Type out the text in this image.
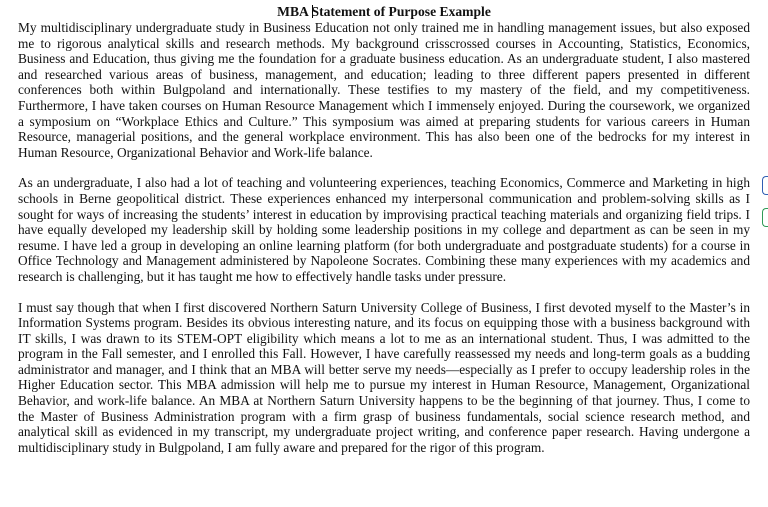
MBA Statement of Purpose Example

My multidisciplinary undergraduate study in Business Education not only trained me in handling management issues, but also exposed me to rigorous analytical skills and research methods. My background crisscrossed courses in Accounting, Statistics, Economics, Business and Education, thus giving me the foundation for a graduate business education. As an undergraduate student, I also mastered and researched various areas of business, management, and education; leading to three different papers presented in different conferences both within Bulgpoland and internationally. These testifies to my mastery of the field, and my competitiveness. Furthermore, I have taken courses on Human Resource Management which I immensely enjoyed. During the coursework, we organized a symposium on “Workplace Ethics and Culture.” This symposium was aimed at preparing students for various careers in Human Resource, managerial positions, and the general workplace environment. This has also been one of the bedrocks for my interest in Human Resource, Organizational Behavior and Work-life balance.

As an undergraduate, I also had a lot of teaching and volunteering experiences, teaching Economics, Commerce and Marketing in high schools in Berne geopolitical district. These experiences enhanced my interpersonal communication and problem-solving skills as I sought for ways of increasing the students’ interest in education by improvising practical teaching materials and organizing field trips. I have equally developed my leadership skill by holding some leadership positions in my college and department as can be seen in my resume. I have led a group in developing an online learning platform (for both undergraduate and postgraduate students) for a course in Office Technology and Management administered by Napoleone Socrates. Combining these many experiences with my academics and research is challenging, but it has taught me how to effectively handle tasks under pressure.

I must say though that when I first discovered Northern Saturn University College of Business, I first devoted myself to the Master’s in Information Systems program. Besides its obvious interesting nature, and its focus on equipping those with a business background with IT skills, I was drawn to its STEM-OPT eligibility which means a lot to me as an international student. Thus, I was admitted to the program in the Fall semester, and I enrolled this Fall. However, I have carefully reassessed my needs and long-term goals as a budding administrator and manager, and I think that an MBA will better serve my needs—especially as I prefer to occupy leadership roles in the Higher Education sector. This MBA admission will help me to pursue my interest in Human Resource, Management, Organizational Behavior, and work-life balance. An MBA at Northern Saturn University happens to be the beginning of that journey. Thus, I come to the Master of Business Administration program with a firm grasp of business fundamentals, social science research method, and analytical skill as evidenced in my transcript, my undergraduate project writing, and conference paper research. Having undergone a multidisciplinary study in Bulgpoland, I am fully aware and prepared for the rigor of this program.
